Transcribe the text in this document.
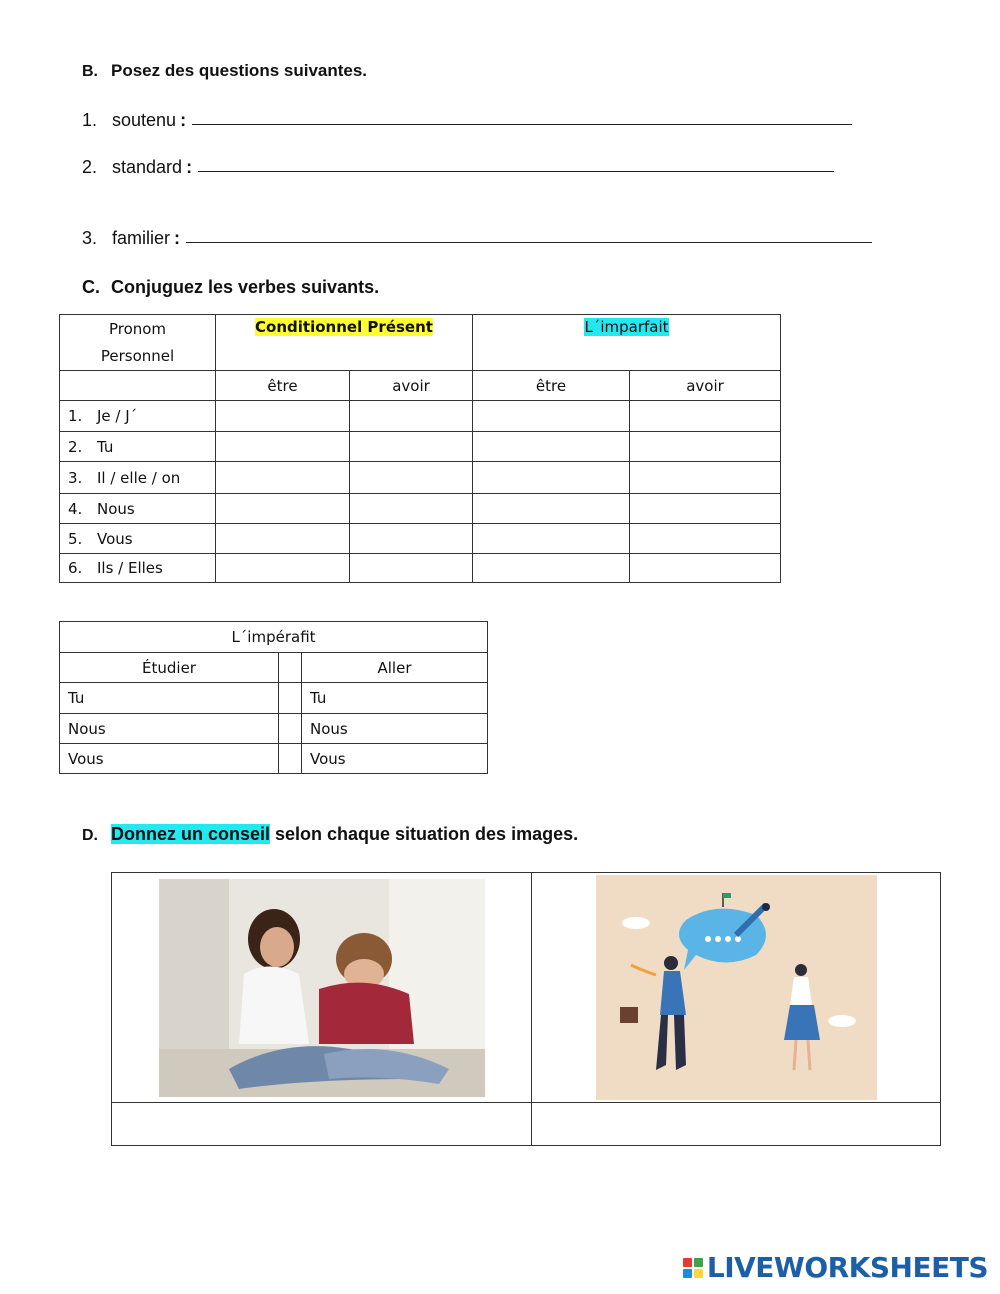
B. Posez des questions suivantes.
1. soutenu :
2. standard :
3. familier :
C. Conjuguez les verbes suivants.
Pronom
Personnel	Conditionnel Présent		L´imparfait	
	être	avoir	être	avoir
1. Je / J´				
2. Tu				
3. Il / elle / on				
4. Nous				
5. Vous				
6. Ils / Elles				
L´impérafit		
Étudier		Aller
Tu		Tu
Nous		Nous
Vous		Vous
D. Donnez un conseil selon chaque situation des images.

LIVEWORKSHEETS
